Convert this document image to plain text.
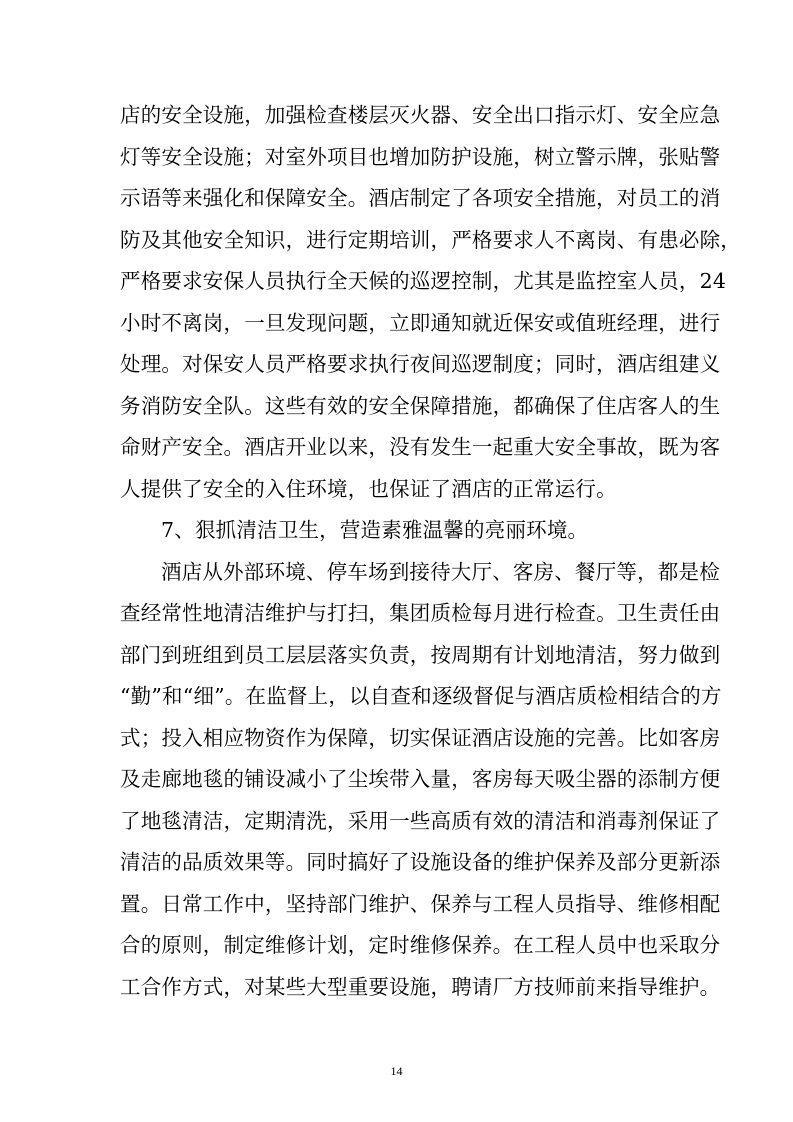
店的安全设施，加强检查楼层灭火器、安全出口指示灯、安全应急
灯等安全设施；对室外项目也增加防护设施，树立警示牌，张贴警
示语等来强化和保障安全。酒店制定了各项安全措施，对员工的消
防及其他安全知识，进行定期培训，严格要求人不离岗、有患必除，
严格要求安保人员执行全天候的巡逻控制，尤其是监控室人员，24
小时不离岗，一旦发现问题，立即通知就近保安或值班经理，进行
处理。对保安人员严格要求执行夜间巡逻制度；同时，酒店组建义
务消防安全队。这些有效的安全保障措施，都确保了住店客人的生
命财产安全。酒店开业以来，没有发生一起重大安全事故，既为客
人提供了安全的入住环境，也保证了酒店的正常运行。
7、狠抓清洁卫生，营造素雅温馨的亮丽环境。
酒店从外部环境、停车场到接待大厅、客房、餐厅等，都是检
查经常性地清洁维护与打扫，集团质检每月进行检查。卫生责任由
部门到班组到员工层层落实负责，按周期有计划地清洁，努力做到
“勤”和“细”。在监督上，以自查和逐级督促与酒店质检相结合的方
式；投入相应物资作为保障，切实保证酒店设施的完善。比如客房
及走廊地毯的铺设减小了尘埃带入量，客房每天吸尘器的添制方便
了地毯清洁，定期清洗，采用一些高质有效的清洁和消毒剂保证了
清洁的品质效果等。同时搞好了设施设备的维护保养及部分更新添
置。日常工作中，坚持部门维护、保养与工程人员指导、维修相配
合的原则，制定维修计划，定时维修保养。在工程人员中也采取分
工合作方式，对某些大型重要设施，聘请厂方技师前来指导维护。
14
